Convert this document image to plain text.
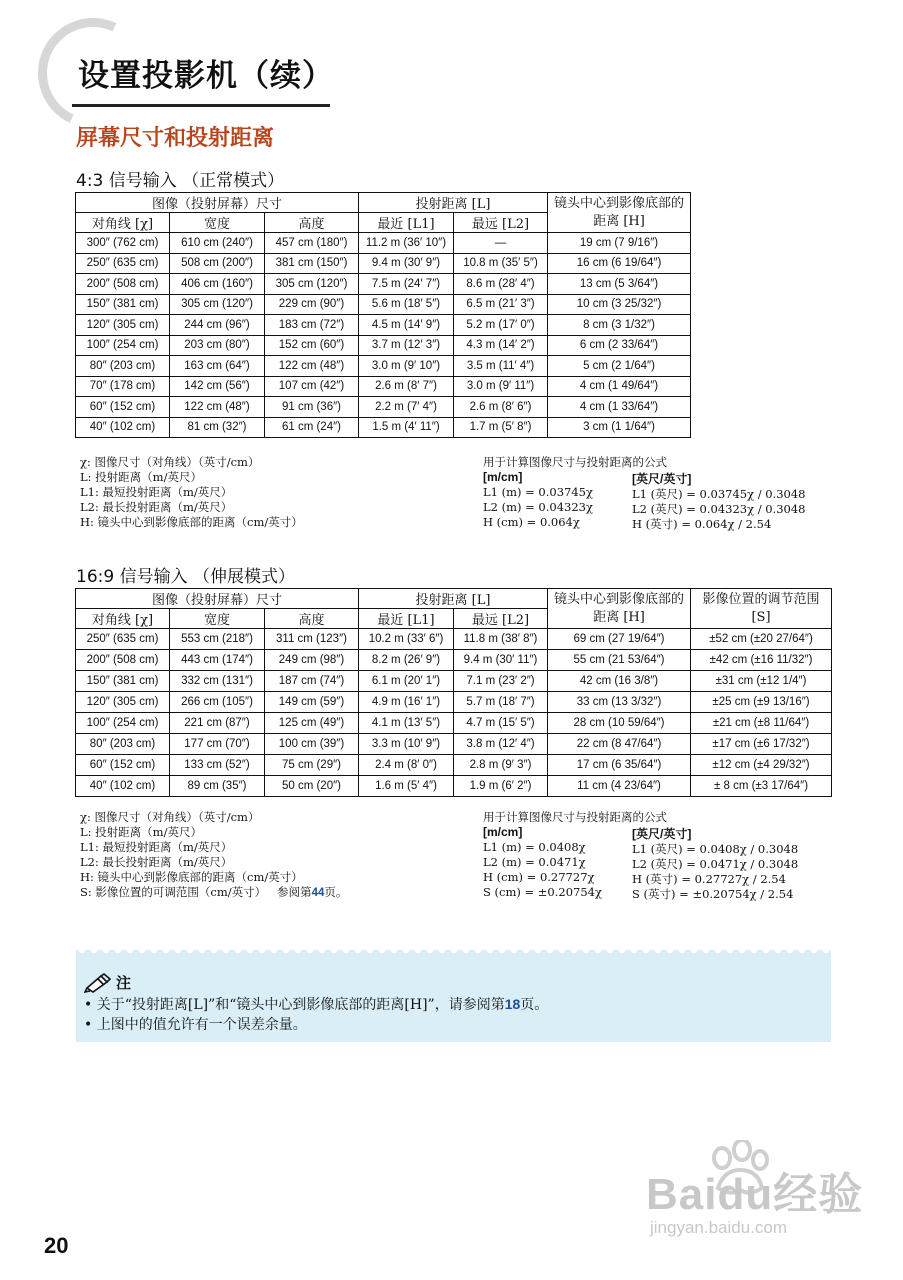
设置投影机（续）
屏幕尺寸和投射距离
4:3 信号输入 （正常模式）
图像（投射屏幕）尺寸			投射距离 [L]		镜头中心到影像底部的距离 [H]
对角线 [χ]	宽度	高度	最近 [L1]	最远 [L2]	
300″ (762 cm)	610 cm (240″)	457 cm (180″)	11.2 m (36′ 10″)	—	19 cm (7 9/16″)
250″ (635 cm)	508 cm (200″)	381 cm (150″)	9.4 m (30′ 9″)	10.8 m (35′ 5″)	16 cm (6 19/64″)
200″ (508 cm)	406 cm (160″)	305 cm (120″)	7.5 m (24′ 7″)	8.6 m (28′ 4″)	13 cm (5 3/64″)
150″ (381 cm)	305 cm (120″)	229 cm (90″)	5.6 m (18′ 5″)	6.5 m (21′ 3″)	10 cm (3 25/32″)
120″ (305 cm)	244 cm (96″)	183 cm (72″)	4.5 m (14′ 9″)	5.2 m (17′ 0″)	8 cm (3 1/32″)
100″ (254 cm)	203 cm (80″)	152 cm (60″)	3.7 m (12′ 3″)	4.3 m (14′ 2″)	6 cm (2 33/64″)
80″ (203 cm)	163 cm (64″)	122 cm (48″)	3.0 m (9′ 10″)	3.5 m (11′ 4″)	5 cm (2 1/64″)
70″ (178 cm)	142 cm (56″)	107 cm (42″)	2.6 m (8′ 7″)	3.0 m (9′ 11″)	4 cm (1 49/64″)
60″ (152 cm)	122 cm (48″)	91 cm (36″)	2.2 m (7′ 4″)	2.6 m (8′ 6″)	4 cm (1 33/64″)
40″ (102 cm)	81 cm (32″)	61 cm (24″)	1.5 m (4′ 11″)	1.7 m (5′ 8″)	3 cm (1 1/64″)
χ: 图像尺寸（对角线）（英寸/cm）
L: 投射距离（m/英尺）
L1: 最短投射距离（m/英尺）
L2: 最长投射距离（m/英尺）
H: 镜头中心到影像底部的距离（cm/英寸）
用于计算图像尺寸与投射距离的公式
[m/cm]
L1 (m) = 0.03745χ
L2 (m) = 0.04323χ
H (cm) = 0.064χ
[英尺/英寸]
L1 (英尺) = 0.03745χ / 0.3048
L2 (英尺) = 0.04323χ / 0.3048
H (英寸) = 0.064χ / 2.54
16:9 信号输入 （伸展模式）
图像（投射屏幕）尺寸			投射距离 [L]		镜头中心到影像底部的距离 [H]	影像位置的调节范围 [S]
对角线 [χ]	宽度	高度	最近 [L1]	最远 [L2]		
250″ (635 cm)	553 cm (218″)	311 cm (123″)	10.2 m (33′ 6″)	11.8 m (38′ 8″)	69 cm (27 19/64″)	±52 cm (±20 27/64″)
200″ (508 cm)	443 cm (174″)	249 cm (98″)	8.2 m (26′ 9″)	9.4 m (30′ 11″)	55 cm (21 53/64″)	±42 cm (±16 11/32″)
150″ (381 cm)	332 cm (131″)	187 cm (74″)	6.1 m (20′ 1″)	7.1 m (23′ 2″)	42 cm (16 3/8″)	±31 cm (±12 1/4″)
120″ (305 cm)	266 cm (105″)	149 cm (59″)	4.9 m (16′ 1″)	5.7 m (18′ 7″)	33 cm (13 3/32″)	±25 cm (±9 13/16″)
100″ (254 cm)	221 cm (87″)	125 cm (49″)	4.1 m (13′ 5″)	4.7 m (15′ 5″)	28 cm (10 59/64″)	±21 cm (±8 11/64″)
80″ (203 cm)	177 cm (70″)	100 cm (39″)	3.3 m (10′ 9″)	3.8 m (12′ 4″)	22 cm (8 47/64″)	±17 cm (±6 17/32″)
60″ (152 cm)	133 cm (52″)	75 cm (29″)	2.4 m (8′ 0″)	2.8 m (9′ 3″)	17 cm (6 35/64″)	±12 cm (±4 29/32″)
40″ (102 cm)	89 cm (35″)	50 cm (20″)	1.6 m (5′ 4″)	1.9 m (6′ 2″)	11 cm (4 23/64″)	± 8 cm (±3 17/64″)
χ: 图像尺寸（对角线）（英寸/cm）
L: 投射距离（m/英尺）
L1: 最短投射距离（m/英尺）
L2: 最长投射距离（m/英尺）
H: 镜头中心到影像底部的距离（cm/英寸）
S: 影像位置的可调范围（cm/英寸） 参阅第44页。
用于计算图像尺寸与投射距离的公式
[m/cm]
L1 (m) = 0.0408χ
L2 (m) = 0.0471χ
H (cm) = 0.27727χ
S (cm) = ±0.20754χ
[英尺/英寸]
L1 (英尺) = 0.0408χ / 0.3048
L2 (英尺) = 0.0471χ / 0.3048
H (英寸) = 0.27727χ / 2.54
S (英寸) = ±0.20754χ / 2.54
注
• 关于“投射距离[L]”和“镜头中心到影像底部的距离[H]”，请参阅第18页。
• 上图中的值允许有一个误差余量。
20
Baidu经验
jingyan.baidu.com
